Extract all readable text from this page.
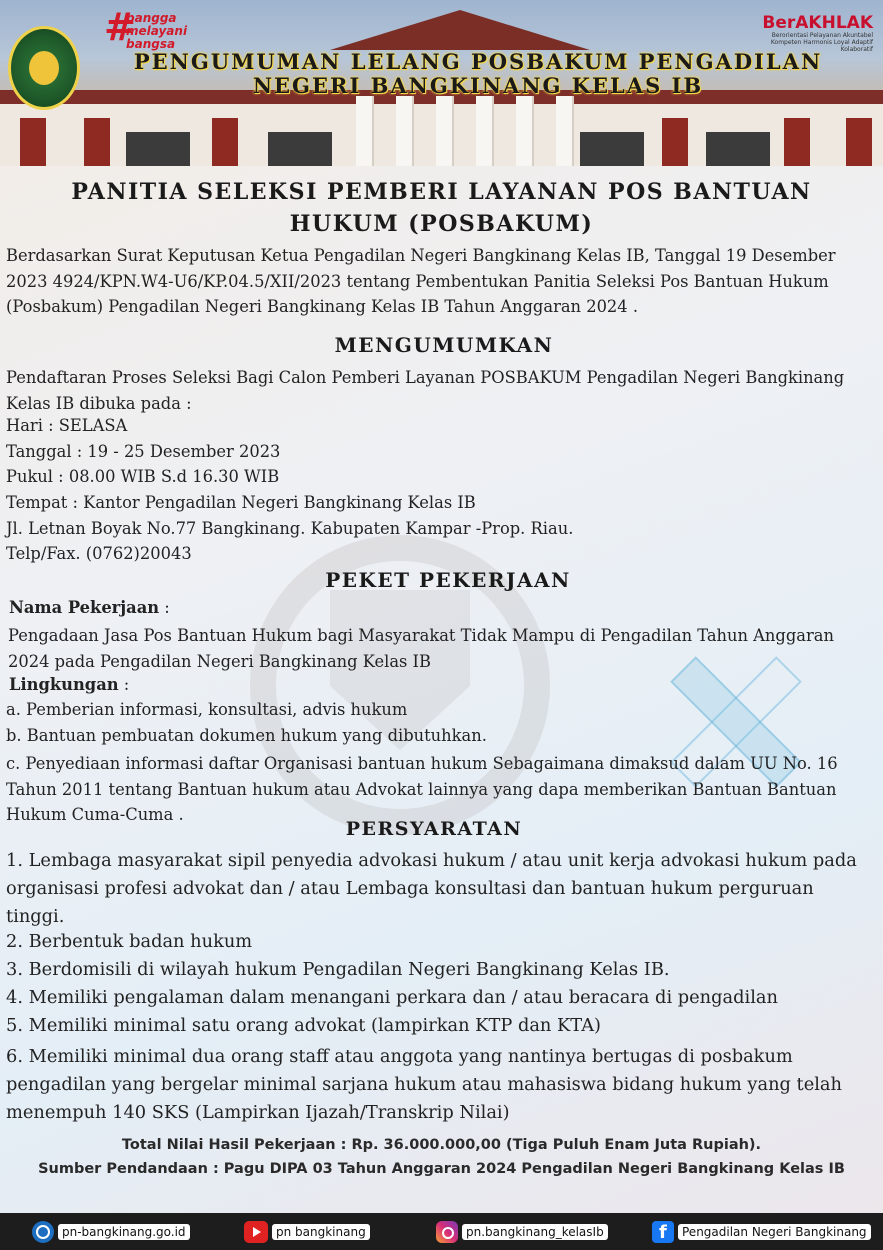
#
bangga
melayani
bangsa
BerAKHLAK
Berorientasi Pelayanan Akuntabel Kompeten Harmonis Loyal Adaptif Kolaboratif
PENGUMUMAN LELANG POSBAKUM PENGADILAN NEGERI BANGKINANG KELAS IB
PANITIA SELEKSI PEMBERI LAYANAN POS BANTUAN HUKUM (POSBAKUM)
Berdasarkan Surat Keputusan Ketua Pengadilan Negeri Bangkinang Kelas IB, Tanggal 19 Desember 2023 4924/KPN.W4-U6/KP.04.5/XII/2023 tentang Pembentukan Panitia Seleksi Pos Bantuan Hukum (Posbakum) Pengadilan Negeri Bangkinang Kelas IB Tahun Anggaran 2024 .
MENGUMUMKAN
Pendaftaran Proses Seleksi Bagi Calon Pemberi Layanan POSBAKUM Pengadilan Negeri Bangkinang Kelas IB dibuka pada :
Hari : SELASA
Tanggal : 19 - 25 Desember 2023
Pukul : 08.00 WIB S.d 16.30 WIB
Tempat : Kantor Pengadilan Negeri Bangkinang Kelas IB
Jl. Letnan Boyak No.77 Bangkinang. Kabupaten Kampar -Prop. Riau.
Telp/Fax. (0762)20043
PEKET PEKERJAAN
Nama Pekerjaan :
Pengadaan Jasa Pos Bantuan Hukum bagi Masyarakat Tidak Mampu di Pengadilan Tahun Anggaran 2024 pada Pengadilan Negeri Bangkinang Kelas IB
Lingkungan :
a. Pemberian informasi, konsultasi, advis hukum
b. Bantuan pembuatan dokumen hukum yang dibutuhkan.
c. Penyediaan informasi daftar Organisasi bantuan hukum Sebagaimana dimaksud dalam UU No. 16 Tahun 2011 tentang Bantuan hukum atau Advokat lainnya yang dapa memberikan Bantuan Bantuan Hukum Cuma-Cuma .
PERSYARATAN
1. Lembaga masyarakat sipil penyedia advokasi hukum / atau unit kerja advokasi hukum pada organisasi profesi advokat dan / atau Lembaga konsultasi dan bantuan hukum perguruan tinggi.
2. Berbentuk badan hukum
3. Berdomisili di wilayah hukum Pengadilan Negeri Bangkinang Kelas IB.
4. Memiliki pengalaman dalam menangani perkara dan / atau beracara di pengadilan
5. Memiliki minimal satu orang advokat (lampirkan KTP dan KTA)
6. Memiliki minimal dua orang staff atau anggota yang nantinya bertugas di posbakum pengadilan yang bergelar minimal sarjana hukum atau mahasiswa bidang hukum yang telah menempuh 140 SKS (Lampirkan Ijazah/Transkrip Nilai)
Total Nilai Hasil Pekerjaan : Rp. 36.000.000,00 (Tiga Puluh Enam Juta Rupiah).
Sumber Pendandaan : Pagu DIPA 03 Tahun Anggaran 2024 Pengadilan Negeri Bangkinang Kelas IB
pn-bangkinang.go.id	pn bangkinang	pn.bangkinang_kelasIb
f	Pengadilan Negeri Bangkinang
